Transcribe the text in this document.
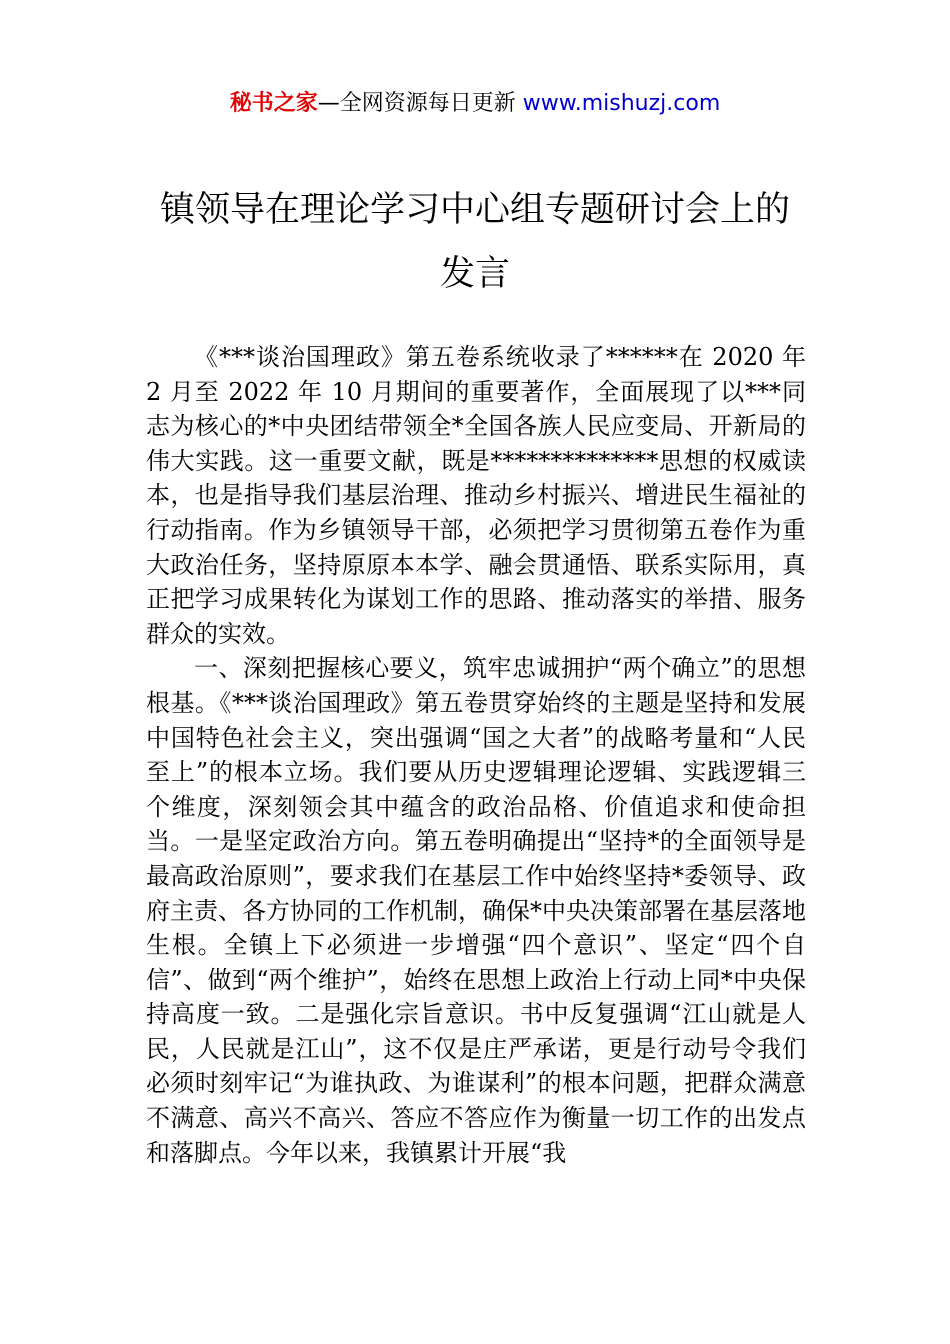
秘书之家—全网资源每日更新 www.mishuzj.com
镇领导在理论学习中心组专题研讨会上的
发言

《***谈治国理政》第五卷系统收录了******在 2020 年 2 月至 2022 年 10 月期间的重要著作，全面展现了以***同志为核心的*中央团结带领全*全国各族人民应变局、开新局的伟大实践。这一重要文献，既是**************思想的权威读本，也是指导我们基层治理、推动乡村振兴、增进民生福祉的行动指南。作为乡镇领导干部，必须把学习贯彻第五卷作为重大政治任务，坚持原原本本学、融会贯通悟、联系实际用，真正把学习成果转化为谋划工作的思路、推动落实的举措、服务群众的实效。

一、深刻把握核心要义，筑牢忠诚拥护“两个确立”的思想根基。《***谈治国理政》第五卷贯穿始终的主题是坚持和发展中国特色社会主义，突出强调“国之大者”的战略考量和“人民至上”的根本立场。我们要从历史逻辑理论逻辑、实践逻辑三个维度，深刻领会其中蕴含的政治品格、价值追求和使命担当。一是坚定政治方向。第五卷明确提出“坚持*的全面领导是最高政治原则”，要求我们在基层工作中始终坚持*委领导、政府主责、各方协同的工作机制，确保*中央决策部署在基层落地生根。全镇上下必须进一步增强“四个意识”、坚定“四个自信”、做到“两个维护”，始终在思想上政治上行动上同*中央保持高度一致。二是强化宗旨意识。书中反复强调“江山就是人民，人民就是江山”，这不仅是庄严承诺，更是行动号令我们必须时刻牢记“为谁执政、为谁谋利”的根本问题，把群众满意不满意、高兴不高兴、答应不答应作为衡量一切工作的出发点和落脚点。今年以来，我镇累计开展“我
